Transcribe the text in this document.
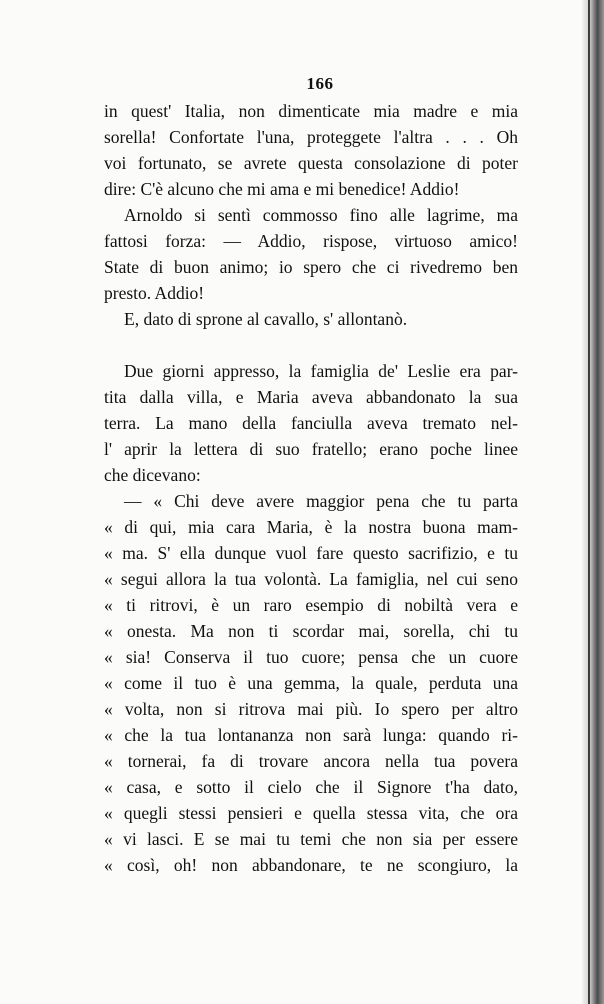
166
in quest' Italia, non dimenticate mia madre e mia
sorella! Confortate l'una, proteggete l'altra . . . Oh
voi fortunato, se avrete questa consolazione di poter
dire: C'è alcuno che mi ama e mi benedice! Addio!
Arnoldo si sentì commosso fino alle lagrime, ma
fattosi forza: — Addio, rispose, virtuoso amico!
State di buon animo; io spero che ci rivedremo ben
presto. Addio!
E, dato di sprone al cavallo, s' allontanò.
Due giorni appresso, la famiglia de' Leslie era par-
tita dalla villa, e Maria aveva abbandonato la sua
terra. La mano della fanciulla aveva tremato nel-
l' aprir la lettera di suo fratello; erano poche linee
che dicevano:
— « Chi deve avere maggior pena che tu parta
« di qui, mia cara Maria, è la nostra buona mam-
« ma. S' ella dunque vuol fare questo sacrifizio, e tu
« segui allora la tua volontà. La famiglia, nel cui seno
« ti ritrovi, è un raro esempio di nobiltà vera e
« onesta. Ma non ti scordar mai, sorella, chi tu
« sia! Conserva il tuo cuore; pensa che un cuore
« come il tuo è una gemma, la quale, perduta una
« volta, non si ritrova mai più. Io spero per altro
« che la tua lontananza non sarà lunga: quando ri-
« tornerai, fa di trovare ancora nella tua povera
« casa, e sotto il cielo che il Signore t'ha dato,
« quegli stessi pensieri e quella stessa vita, che ora
« vi lasci. E se mai tu temi che non sia per essere
« così, oh! non abbandonare, te ne scongiuro, la
